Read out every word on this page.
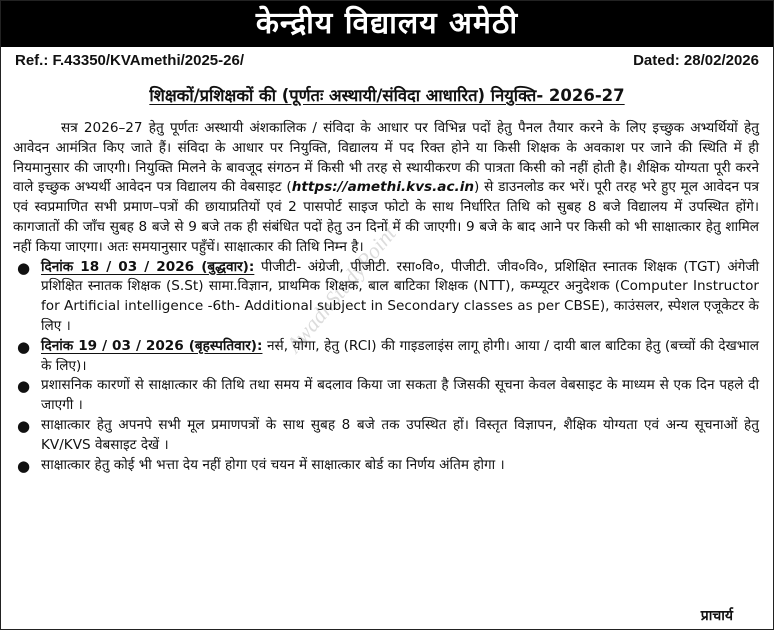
केन्द्रीय विद्यालय अमेठी
Ref.: F.43350/KVAmethi/2025-26/	Dated: 28/02/2026
शिक्षकों/प्रशिक्षकों की (पूर्णतः अस्थायी/संविदा आधारित) नियुक्ति- 2026-27

सत्र 2026–27 हेतु पूर्णतः अस्थायी अंशकालिक / संविदा के आधार पर विभिन्न पदों हेतु पैनल तैयार करने के लिए इच्छुक अभ्यर्थियों हेतु आवेदन आमंत्रित किए जाते हैं। संविदा के आधार पर नियुक्ति, विद्यालय में पद रिक्त होने या किसी शिक्षक के अवकाश पर जाने की स्थिति में ही नियमानुसार की जाएगी। नियुक्ति मिलने के बावजूद संगठन में किसी भी तरह से स्थायीकरण की पात्रता किसी को नहीं होती है। शैक्षिक योग्यता पूरी करने वाले इच्छुक अभ्यर्थी आवेदन पत्र विद्यालय की वेबसाइट (https://amethi.kvs.ac.in) से डाउनलोड कर भरें। पूरी तरह भरे हुए मूल आवेदन पत्र एवं स्वप्रमाणित सभी प्रमाण–पत्रों की छायाप्रतियों एवं 2 पासपोर्ट साइज फोटो के साथ निर्धारित तिथि को सुबह 8 बजे विद्यालय में उपस्थित होंगे। कागजातों की जाँच सुबह 8 बजे से 9 बजे तक ही संबंधित पदों हेतु उन दिनों में की जाएगी। 9 बजे के बाद आने पर किसी को भी साक्षात्कार हेतु शामिल नहीं किया जाएगा। अतः समयानुसार पहुँचें। साक्षात्कार की तिथि निम्न है।

● दिनांक 18 / 03 / 2026 (बुद्धवार): पीजीटी- अंग्रेजी, पीजीटी. रसा०वि०, पीजीटी. जीव०वि०, प्रशिक्षित स्नातक शिक्षक (TGT) अंगेजी प्रशिक्षित स्नातक शिक्षक (S.St) सामा.विज्ञान, प्राथमिक शिक्षक, बाल बाटिका शिक्षक (NTT), कम्प्यूटर अनुदेशक (Computer Instructor for Artificial intelligence -6th- Additional subject in Secondary classes as per CBSE), काउंसलर, स्पेशल एजूकेटर के लिए ।
● दिनांक 19 / 03 / 2026 (बृहस्पतिवार): नर्स, योगा, हेतु (RCI) की गाइडलाइंस लागू होगी। आया / दायी बाल बाटिका हेतु (बच्चों की देखभाल के लिए)।
● प्रशासनिक कारणों से साक्षात्कार की तिथि तथा समय में बदलाव किया जा सकता है जिसकी सूचना केवल वेबसाइट के माध्यम से एक दिन पहले दी जाएगी ।
● साक्षात्कार हेतु अपनपे सभी मूल प्रमाणपत्रों के साथ सुबह 8 बजे तक उपस्थित हों। विस्तृत विज्ञापन, शैक्षिक योग्यता एवं अन्य सूचनाओं हेतु KV/KVS वेबसाइट देखें ।
● साक्षात्कार हेतु कोई भी भत्ता देय नहीं होगा एवं चयन में साक्षात्कार बोर्ड का निर्णय अंतिम होगा ।
प्राचार्य
AwadhStudyPoint
